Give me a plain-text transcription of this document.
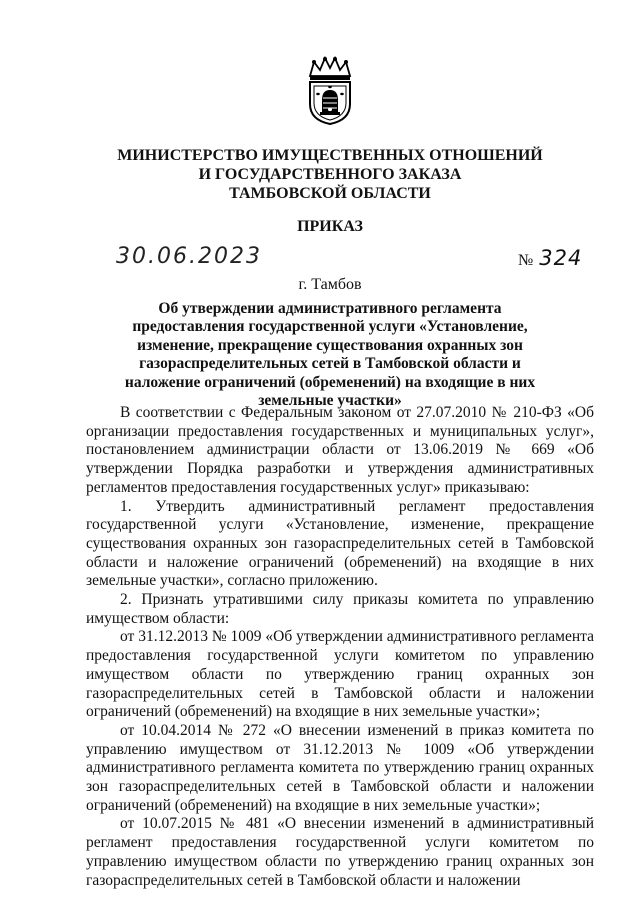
МИНИСТЕРСТВО ИМУЩЕСТВЕННЫХ ОТНОШЕНИЙ
И ГОСУДАРСТВЕННОГО ЗАКАЗА
ТАМБОВСКОЙ ОБЛАСТИ
ПРИКАЗ
30.06.2023	№ 324
г. Тамбов
Об утверждении административного регламента предоставления государственной услуги «Установление, изменение, прекращение существования охранных зон газораспределительных сетей в Тамбовской области и наложение ограничений (обременений) на входящие в них земельные участки»

В соответствии с Федеральным законом от 27.07.2010 № 210-ФЗ «Об организации предоставления государственных и муниципальных услуг», постановлением администрации области от 13.06.2019 № 669 «Об утверждении Порядка разработки и утверждения административных регламентов предоставления государственных услуг» приказываю:

1. Утвердить административный регламент предоставления государственной услуги «Установление, изменение, прекращение существования охранных зон газораспределительных сетей в Тамбовской области и наложение ограничений (обременений) на входящие в них земельные участки», согласно приложению.

2. Признать утратившими силу приказы комитета по управлению имуществом области:

от 31.12.2013 № 1009 «Об утверждении административного регламента предоставления государственной услуги комитетом по управлению имуществом области по утверждению границ охранных зон газораспределительных сетей в Тамбовской области и наложении ограничений (обременений) на входящие в них земельные участки»;

от 10.04.2014 № 272 «О внесении изменений в приказ комитета по управлению имуществом от 31.12.2013 № 1009 «Об утверждении административного регламента комитета по утверждению границ охранных зон газораспределительных сетей в Тамбовской области и наложении ограничений (обременений) на входящие в них земельные участки»;

от 10.07.2015 № 481 «О внесении изменений в административный регламент предоставления государственной услуги комитетом по управлению имуществом области по утверждению границ охранных зон газораспределительных сетей в Тамбовской области и наложении
